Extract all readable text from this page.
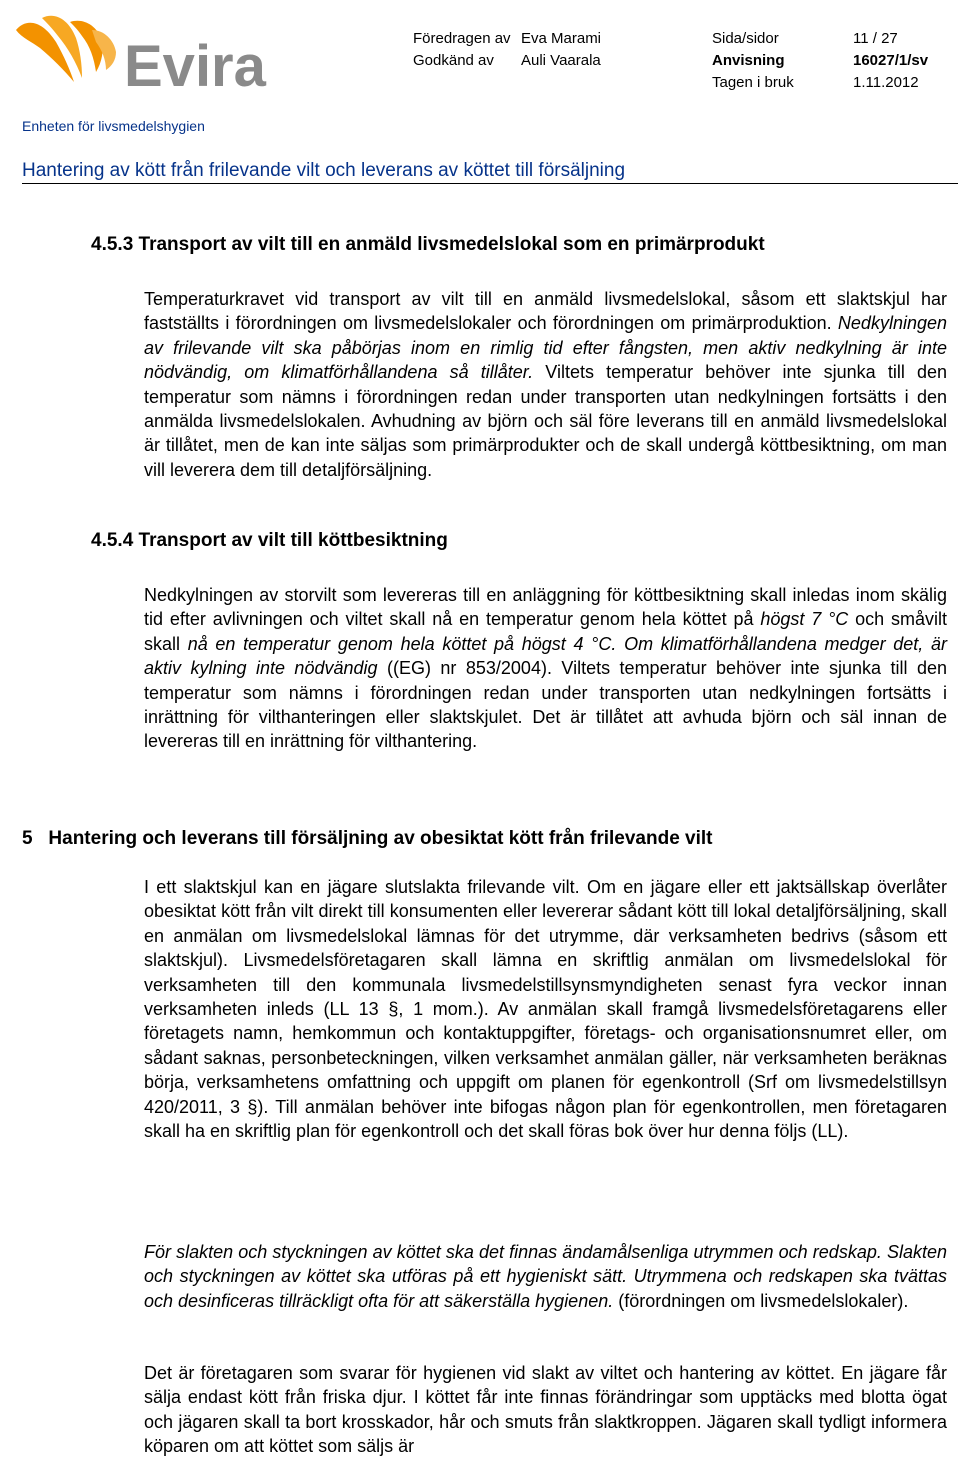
Evira	Föredragen av Eva Marami	Sida/sidor	11 / 27
Godkänd av Auli Vaarala	Anvisning	16027/1/sv
Tagen i bruk	1.11.2012
Enheten för livsmedelshygien
Hantering av kött från frilevande vilt och leverans av köttet till försäljning
4.5.3 Transport av vilt till en anmäld livsmedelslokal som en primärprodukt

Temperaturkravet vid transport av vilt till en anmäld livsmedelslokal, såsom ett slaktskjul har fastställts i förordningen om livsmedelslokaler och förordningen om primärproduktion. Nedkylningen av frilevande vilt ska påbörjas inom en rimlig tid efter fångsten, men aktiv nedkylning är inte nödvändig, om klimatförhållandena så tillåter. Viltets temperatur behöver inte sjunka till den temperatur som nämns i förordningen redan under transporten utan nedkylningen fortsätts i den anmälda livsmedelslokalen. Avhudning av björn och säl före leverans till en anmäld livsmedelslokal är tillåtet, men de kan inte säljas som primärprodukter och de skall undergå köttbesiktning, om man vill leverera dem till detaljförsäljning.

4.5.4 Transport av vilt till köttbesiktning

Nedkylningen av storvilt som levereras till en anläggning för köttbesiktning skall inledas inom skälig tid efter avlivningen och viltet skall nå en temperatur genom hela köttet på högst 7 °C och småvilt skall nå en temperatur genom hela köttet på högst 4 °C. Om klimatförhållandena medger det, är aktiv kylning inte nödvändig ((EG) nr 853/2004). Viltets temperatur behöver inte sjunka till den temperatur som nämns i förordningen redan under transporten utan nedkylningen fortsätts i inrättning för vilthanteringen eller slaktskjulet. Det är tillåtet att avhuda björn och säl innan de levereras till en inrättning för vilthantering.

5   Hantering och leverans till försäljning av obesiktat kött från frilevande vilt

I ett slaktskjul kan en jägare slutslakta frilevande vilt. Om en jägare eller ett jaktsällskap överlåter obesiktat kött från vilt direkt till konsumenten eller levererar sådant kött till lokal detaljförsäljning, skall en anmälan om livsmedelslokal lämnas för det utrymme, där verksamheten bedrivs (såsom ett slaktskjul). Livsmedelsföretagaren skall lämna en skriftlig anmälan om livsmedelslokal för verksamheten till den kommunala livsmedelstillsynsmyndigheten senast fyra veckor innan verksamheten inleds (LL 13 §, 1 mom.). Av anmälan skall framgå livsmedelsföretagarens eller företagets namn, hemkommun och kontaktuppgifter, företags- och organisationsnumret eller, om sådant saknas, personbeteckningen, vilken verksamhet anmälan gäller, när verksamheten beräknas börja, verksamhetens omfattning och uppgift om planen för egenkontroll (Srf om livsmedelstillsyn 420/2011, 3 §). Till anmälan behöver inte bifogas någon plan för egenkontrollen, men företagaren skall ha en skriftlig plan för egenkontroll och det skall föras bok över hur denna följs (LL).

För slakten och styckningen av köttet ska det finnas ändamålsenliga utrymmen och redskap. Slakten och styckningen av köttet ska utföras på ett hygieniskt sätt. Utrymmena och redskapen ska tvättas och desinficeras tillräckligt ofta för att säkerställa hygienen. (förordningen om livsmedelslokaler).

Det är företagaren som svarar för hygienen vid slakt av viltet och hantering av köttet. En jägare får sälja endast kött från friska djur. I köttet får inte finnas förändringar som upptäcks med blotta ögat och jägaren skall ta bort krosskador, hår och smuts från slaktkroppen. Jägaren skall tydligt informera köparen om att köttet som säljs är
